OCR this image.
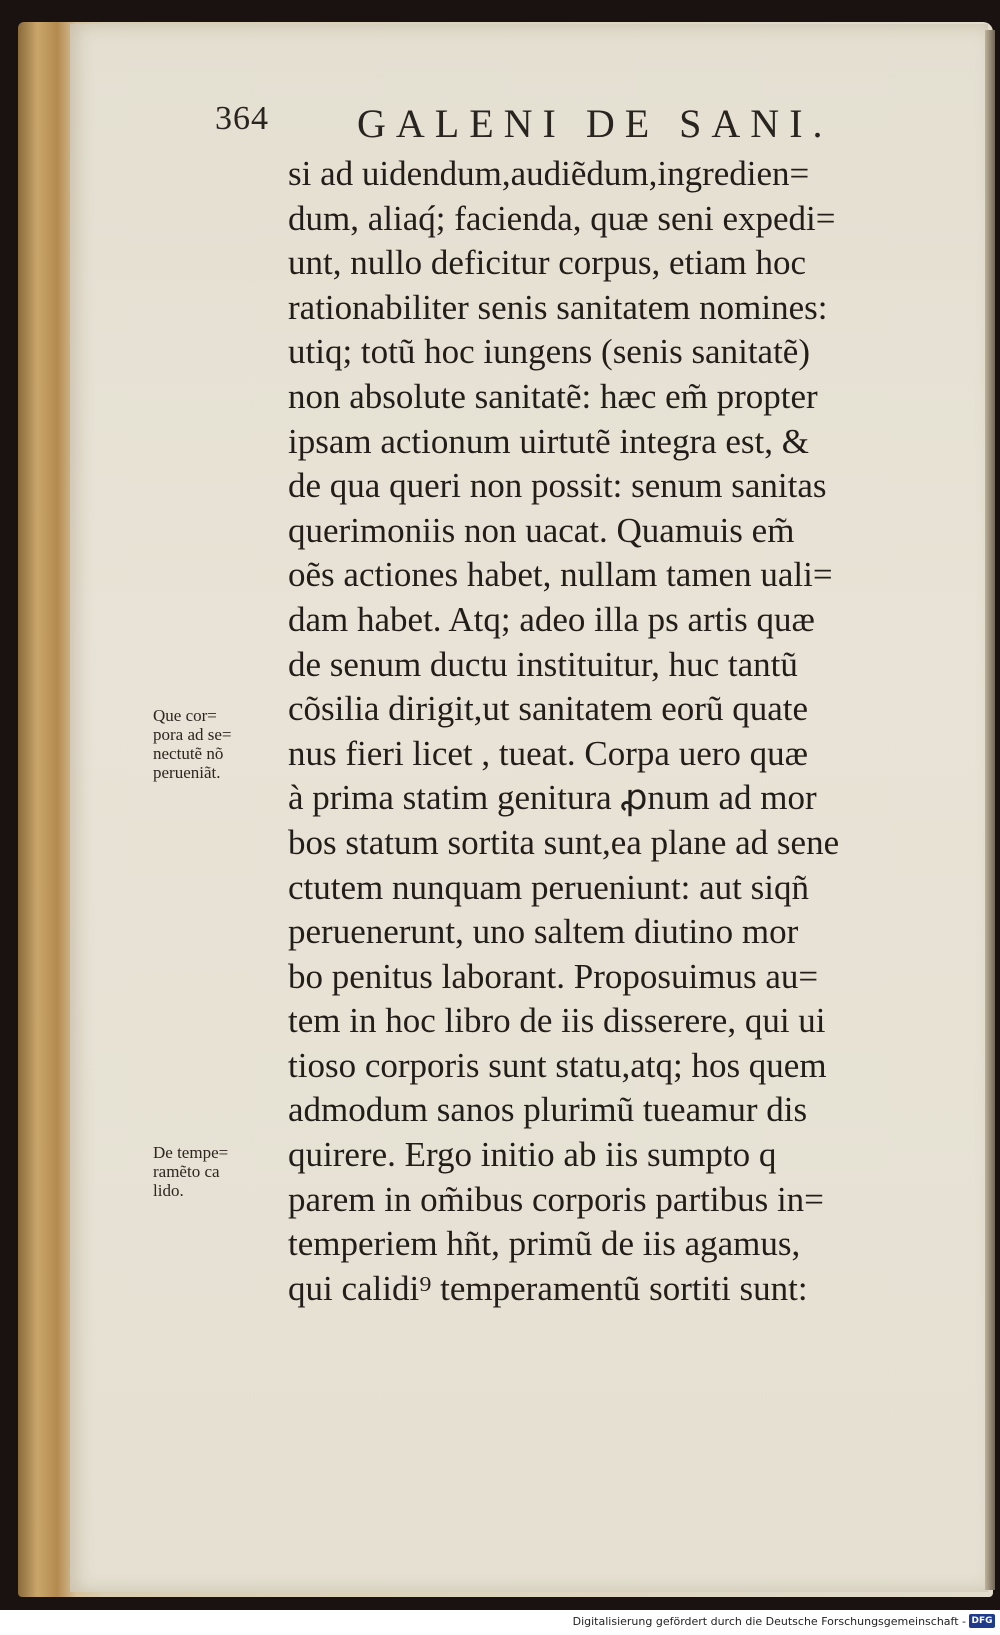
364 GALENI DE SANI.
si ad uidendum,audiẽdum,ingredien=
dum, aliaq́; facienda, quæ seni expedi=
unt, nullo deficitur corpus, etiam hoc
rationabiliter senis sanitatem nomines:
utiq; totũ hoc iungens (senis sanitatẽ)
non absolute sanitatẽ: hæc em̃ propter
ipsam actionum uirtutẽ integra est, &
de qua queri non possit: senum sanitas
querimoniis non uacat. Quamuis em̃
oẽs actiones habet, nullam tamen uali=
dam habet. Atq; adeo illa ps artis quæ
de senum ductu instituitur, huc tantũ
cõsilia dirigit,ut sanitatem eorũ quate
nus fieri licet , tueat. Corpa uero quæ
à prima statim genitura ꝓnum ad mor
bos statum sortita sunt,ea plane ad sene
ctutem nunquam perueniunt: aut siqñ
peruenerunt, uno saltem diutino mor
bo penitus laborant. Proposuimus au=
tem in hoc libro de iis disserere, qui ui
tioso corporis sunt statu,atq; hos quem
admodum sanos plurimũ tueamur dis
quirere. Ergo initio ab iis sumpto q
parem in om̃ibus corporis partibus in=
temperiem hñt, primũ de iis agamus,
qui calidi⁹ temperamentũ sortiti sunt:
Que cor=
pora ad se=
nectutẽ nõ
perueniãt.
De tempe=
ramẽto ca
lido.
Digitalisierung gefördert durch die Deutsche Forschungsgemeinschaft - DFG
